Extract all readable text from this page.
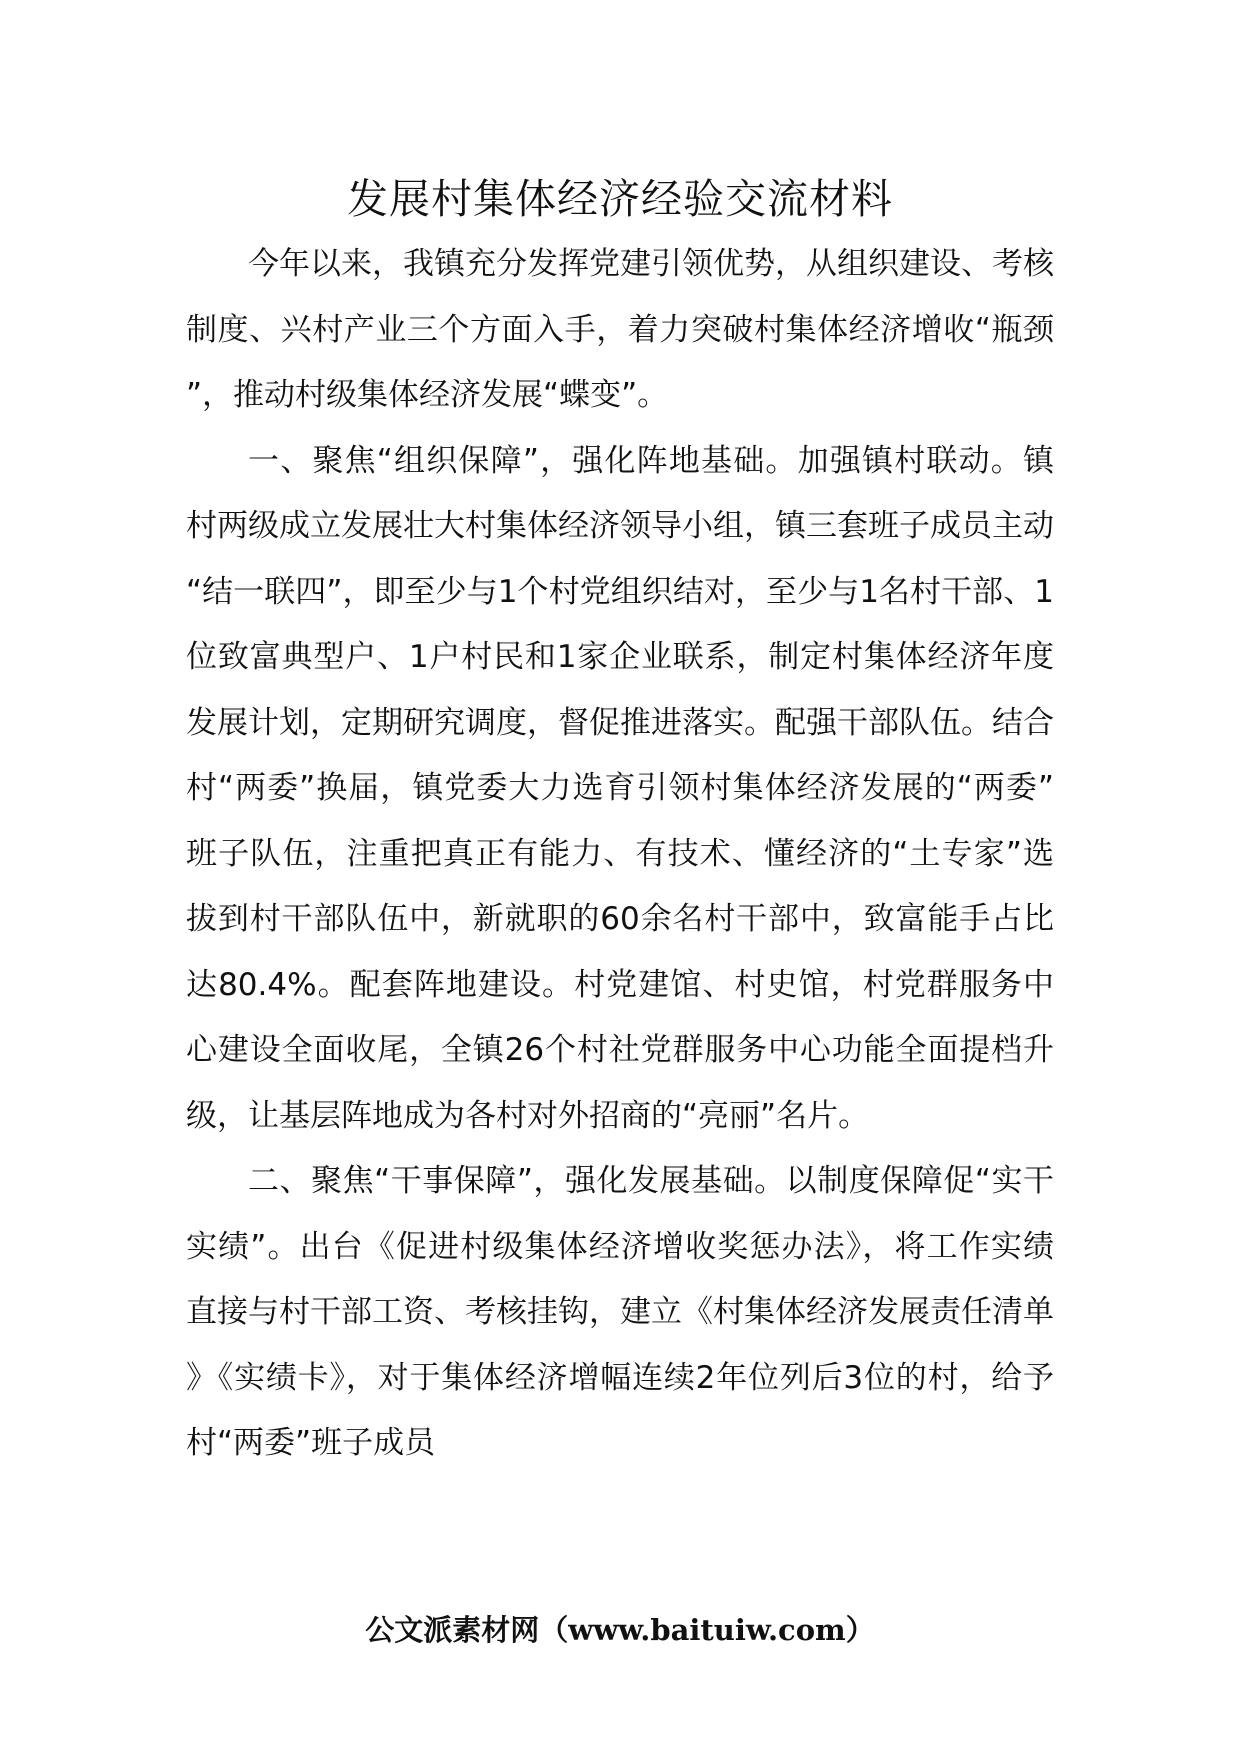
发展村集体经济经验交流材料

今年以来，我镇充分发挥党建引领优势，从组织建设、考核制度、兴村产业三个方面入手，着力突破村集体经济增收“瓶颈”，推动村级集体经济发展“蝶变”。

一、聚焦“组织保障”，强化阵地基础。加强镇村联动。镇村两级成立发展壮大村集体经济领导小组，镇三套班子成员主动“结一联四”，即至少与1个村党组织结对，至少与1名村干部、1位致富典型户、1户村民和1家企业联系，制定村集体经济年度发展计划，定期研究调度，督促推进落实。配强干部队伍。结合村“两委”换届，镇党委大力选育引领村集体经济发展的“两委”班子队伍，注重把真正有能力、有技术、懂经济的“土专家”选拔到村干部队伍中，新就职的60余名村干部中，致富能手占比达80.4%。配套阵地建设。村党建馆、村史馆，村党群服务中心建设全面收尾，全镇26个村社党群服务中心功能全面提档升级，让基层阵地成为各村对外招商的“亮丽”名片。

二、聚焦“干事保障”，强化发展基础。以制度保障促“实干实绩”。出台《促进村级集体经济增收奖惩办法》，将工作实绩直接与村干部工资、考核挂钩，建立《村集体经济发展责任清单》《实绩卡》，对于集体经济增幅连续2年位列后3位的村，给予村“两委”班子成员

公文派素材网（www.baituiw.com）
